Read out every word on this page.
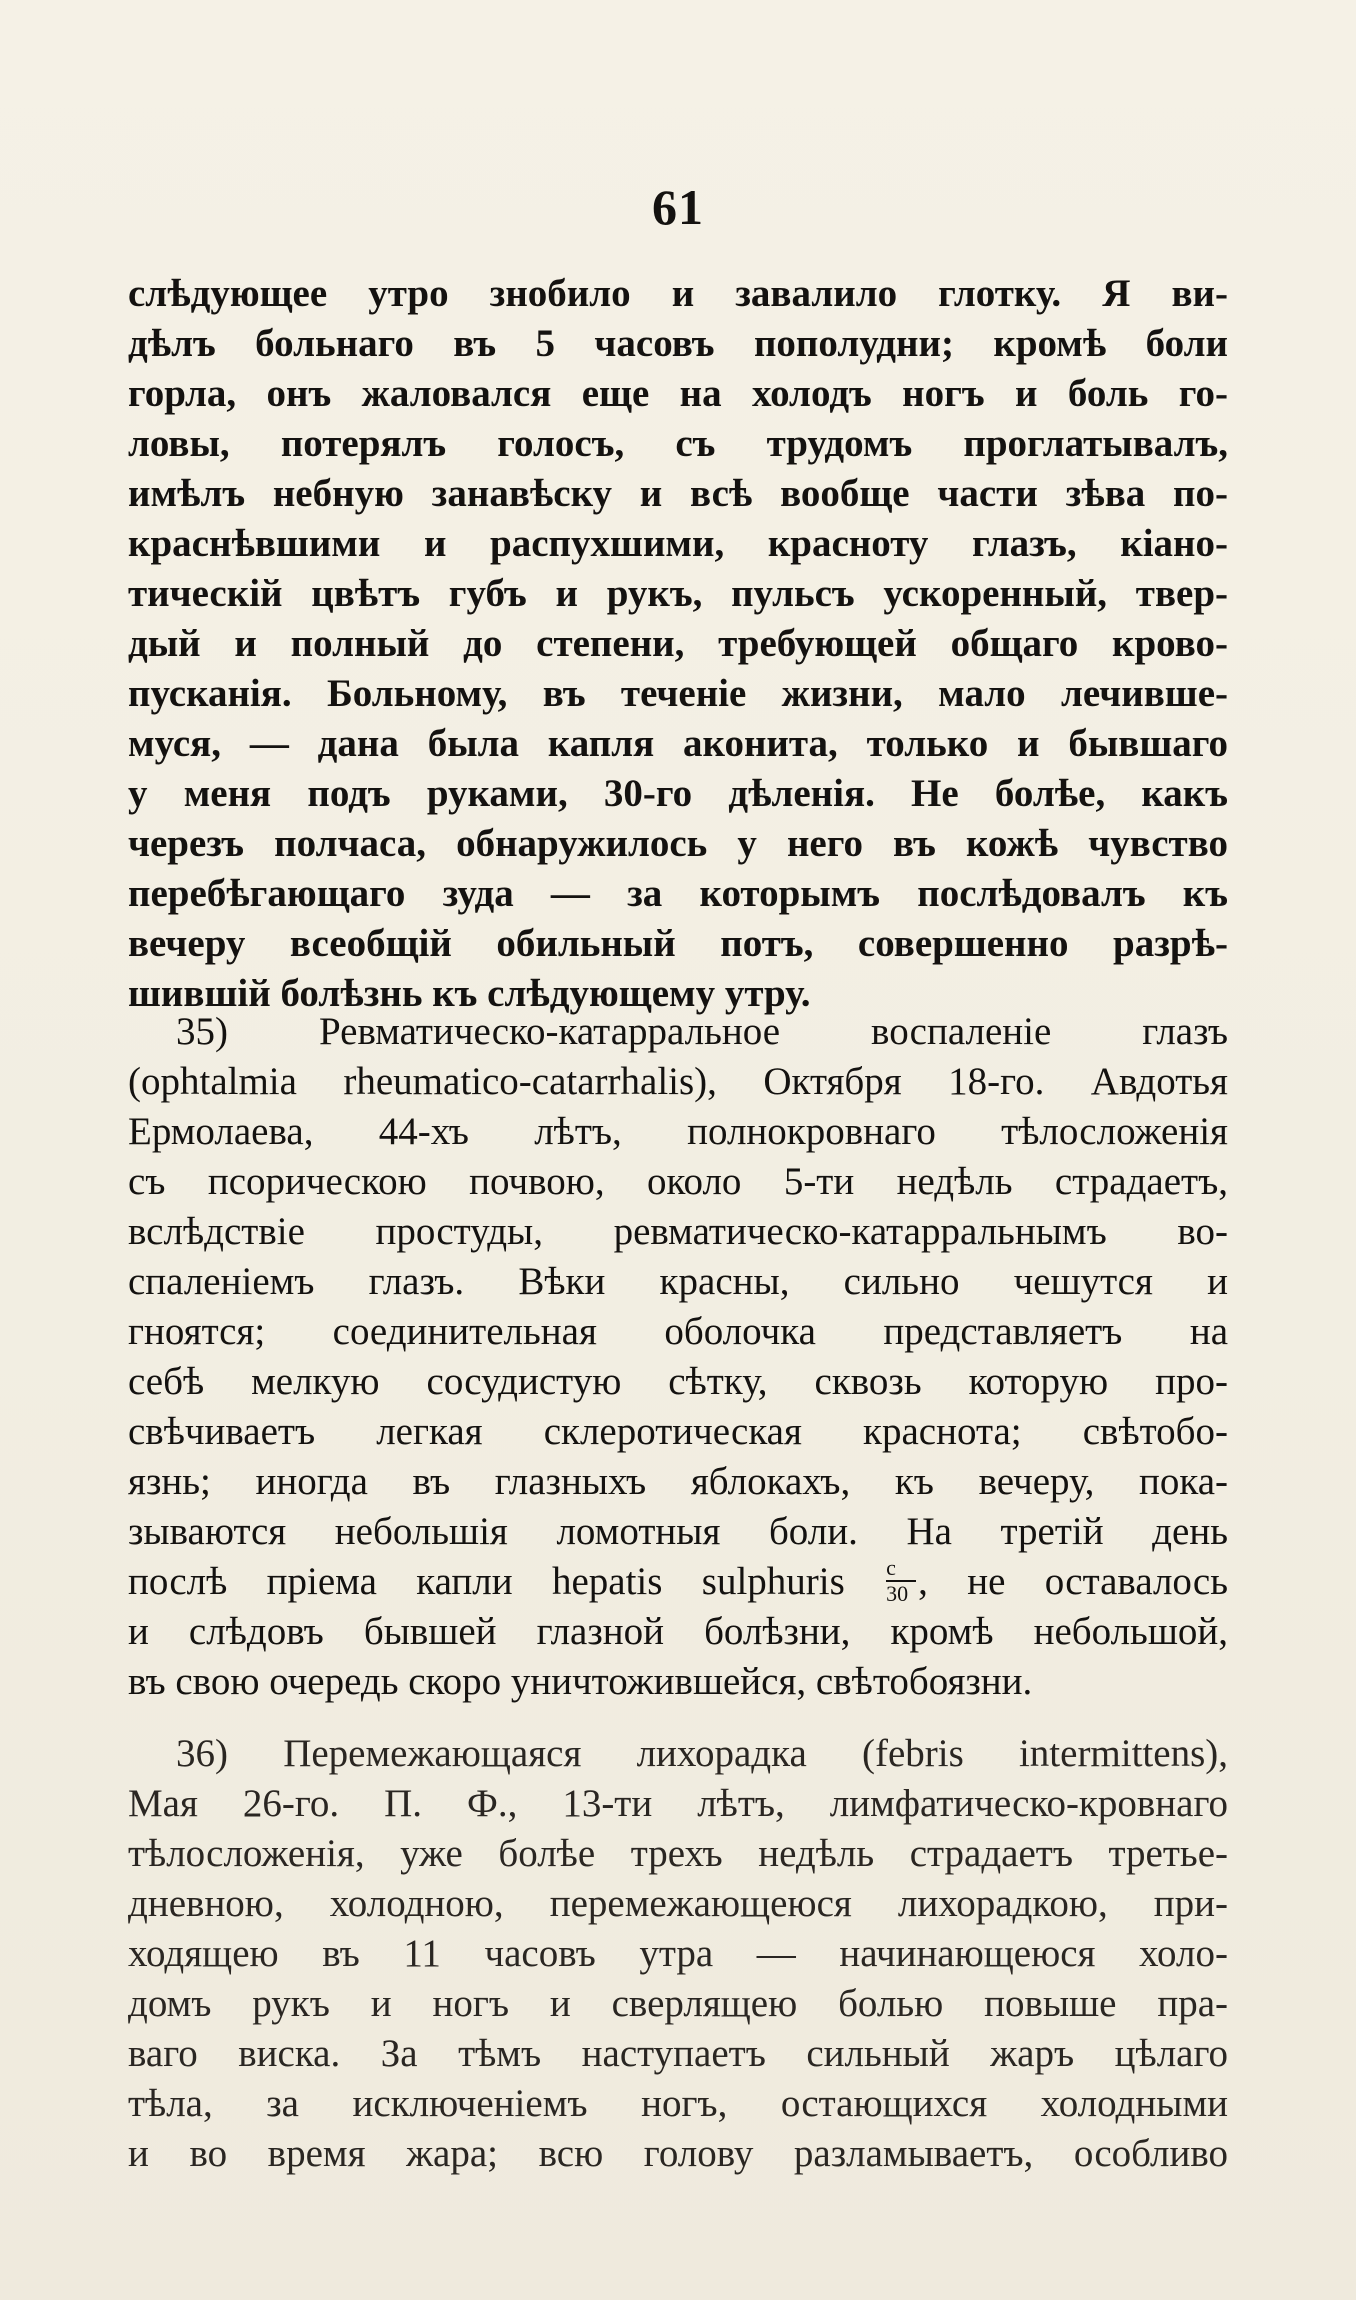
61
слѣдующее утро знобило и завалило глотку. Я ви-
дѣлъ больнаго въ 5 часовъ пополудни; кромѣ боли
горла, онъ жаловался еще на холодъ ногъ и боль го-
ловы, потерялъ голосъ, съ трудомъ проглатывалъ,
имѣлъ небную занавѣску и всѣ вообще части зѣва по-
краснѣвшими и распухшими, красноту глазъ, кіано-
тическій цвѣтъ губъ и рукъ, пульсъ ускоренный, твер-
дый и полный до степени, требующей общаго крово-
пусканія. Больному, въ теченіе жизни, мало лечивше-
муся, — дана была капля аконита, только и бывшаго
у меня подъ руками, 30-го дѣленія. Не болѣе, какъ
черезъ полчаса, обнаружилось у него въ кожѣ чувство
перебѣгающаго зуда — за которымъ послѣдовалъ къ
вечеру всеобщій обильный потъ, совершенно разрѣ-
шившій болѣзнь къ слѣдующему утру.
35) Ревматическо-катарральное воспаленіе глазъ
(ophtalmia rheumatico-catarrhalis), Октября 18-го. Авдотья
Ермолаева, 44-хъ лѣтъ, полнокровнаго тѣлосложенія
съ псорическою почвою, около 5-ти недѣль страдаетъ,
вслѣдствіе простуды, ревматическо-катарральнымъ во-
спаленіемъ глазъ. Вѣки красны, сильно чешутся и
гноятся; соединительная оболочка представляетъ на
себѣ мелкую сосудистую сѣтку, сквозь которую про-
свѣчиваетъ легкая склеротическая краснота; свѣтобо-
язнь; иногда въ глазныхъ яблокахъ, къ вечеру, пока-
зываются небольшія ломотныя боли. На третій день
послѣ пріема капли hepatis sulphuris $\frac{c}{30}$ , не оставалось
и слѣдовъ бывшей глазной болѣзни, кромѣ небольшой,
въ свою очередь скоро уничтожившейся, свѣтобоязни.
36) Перемежающаяся лихорадка (febris intermittens),
Мая 26-го. П. Ф., 13-ти лѣтъ, лимфатическо-кровнаго
тѣлосложенія, уже болѣе трехъ недѣль страдаетъ третье-
дневною, холодною, перемежающеюся лихорадкою, при-
ходящею въ 11 часовъ утра — начинающеюся холо-
домъ рукъ и ногъ и сверлящею болью повыше пра-
ваго виска. За тѣмъ наступаетъ сильный жаръ цѣлаго
тѣла, за исключеніемъ ногъ, остающихся холодными
и во время жара; всю голову разламываетъ, особливо
